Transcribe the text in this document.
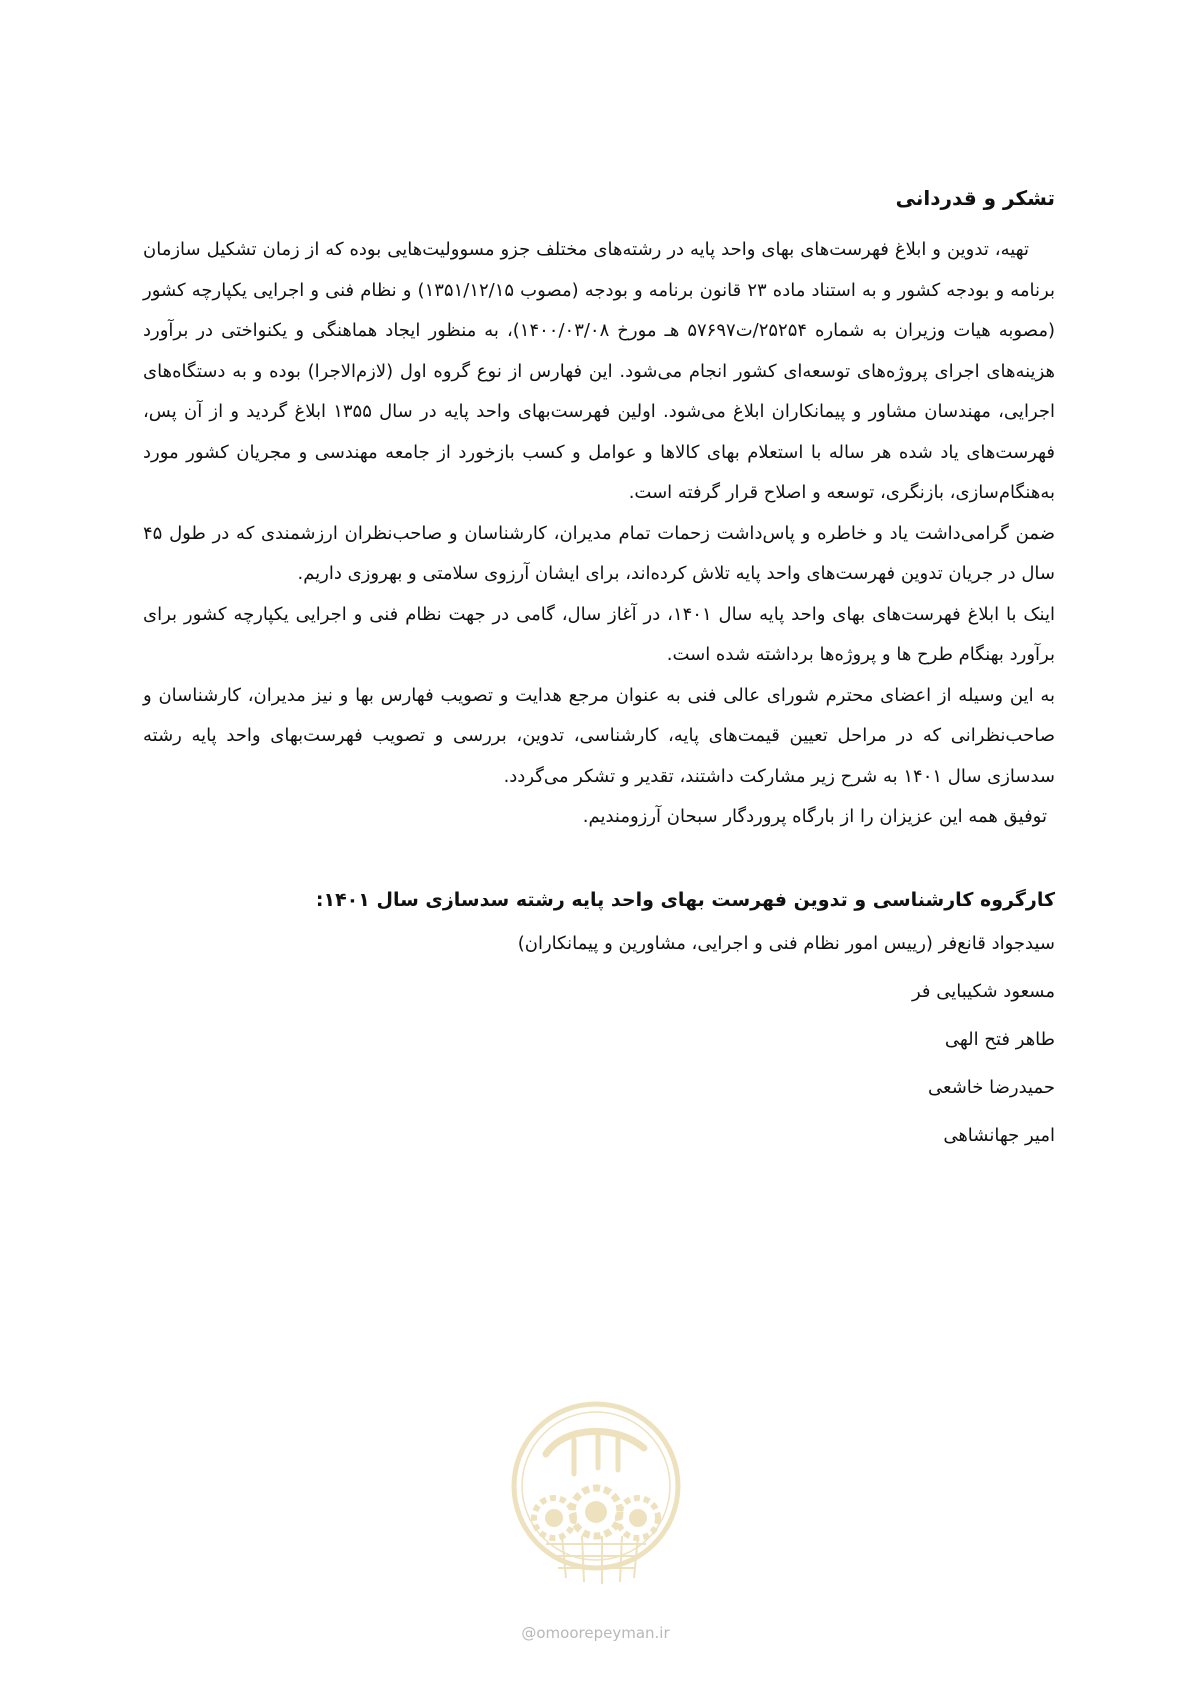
تشکر و قدردانی

تهیه، تدوین و ابلاغ فهرست‌های بهای واحد پایه در رشته‌های مختلف جزو مسوولیت‌هایی بوده که از زمان تشکیل سازمان برنامه و بودجه کشور و به استناد ماده ۲۳ قانون برنامه و بودجه (مصوب ۱۳۵۱/۱۲/۱۵) و نظام فنی و اجرایی یکپارچه کشور (مصوبه هیات وزیران به شماره ۲۵۲۵۴/ت۵۷۶۹۷ هـ مورخ ۱۴۰۰/۰۳/۰۸)، به منظور ایجاد هماهنگی و یکنواختی در برآورد هزینه‌های اجرای پروژه‌های توسعه‌ای کشور انجام می‌شود. این فهارس از نوع گروه اول (لازم‌الاجرا) بوده و به دستگاه‌های اجرایی، مهندسان مشاور و پیمانکاران ابلاغ می‌شود. اولین فهرست‌بهای واحد پایه در سال ۱۳۵۵ ابلاغ گردید و از آن پس، فهرست‌های یاد شده هر ساله با استعلام بهای کالاها و عوامل و کسب بازخورد از جامعه مهندسی و مجریان کشور مورد به‌هنگام‌سازی، بازنگری، توسعه و اصلاح قرار گرفته است.

ضمن گرامی‌داشت یاد و خاطره و پاس‌داشت زحمات تمام مدیران، کارشناسان و صاحب‌نظران ارزشمندی که در طول ۴۵ سال در جریان تدوین فهرست‌های واحد پایه تلاش کرده‌اند، برای ایشان آرزوی سلامتی و بهروزی داریم.

اینک با ابلاغ فهرست‌های بهای واحد پایه سال ۱۴۰۱، در آغاز سال، گامی در جهت نظام فنی و اجرایی یکپارچه کشور برای برآورد بهنگام طرح ها و پروژه‌ها برداشته شده است.

به این وسیله از اعضای محترم شورای عالی فنی به عنوان مرجع هدایت و تصویب فهارس بها و نیز مدیران، کارشناسان و صاحب‌نظرانی که در مراحل تعیین قیمت‌های پایه، کارشناسی، تدوین، بررسی و تصویب فهرست‌بهای واحد پایه رشته سدسازی سال ۱۴۰۱ به شرح زیر مشارکت داشتند، تقدیر و تشکر می‌گردد.

توفیق همه این عزیزان را از بارگاه پروردگار سبحان آرزومندیم.

کارگروه کارشناسی و تدوین فهرست بهای واحد پایه رشته سدسازی سال ۱۴۰۱:

سیدجواد قانع‌فر (رییس امور نظام فنی و اجرایی، مشاورین و پیمانکاران)

مسعود شکیبایی فر

طاهر فتح الهی

حمیدرضا خاشعی

امیر جهانشاهی

@omoorepeyman.ir
